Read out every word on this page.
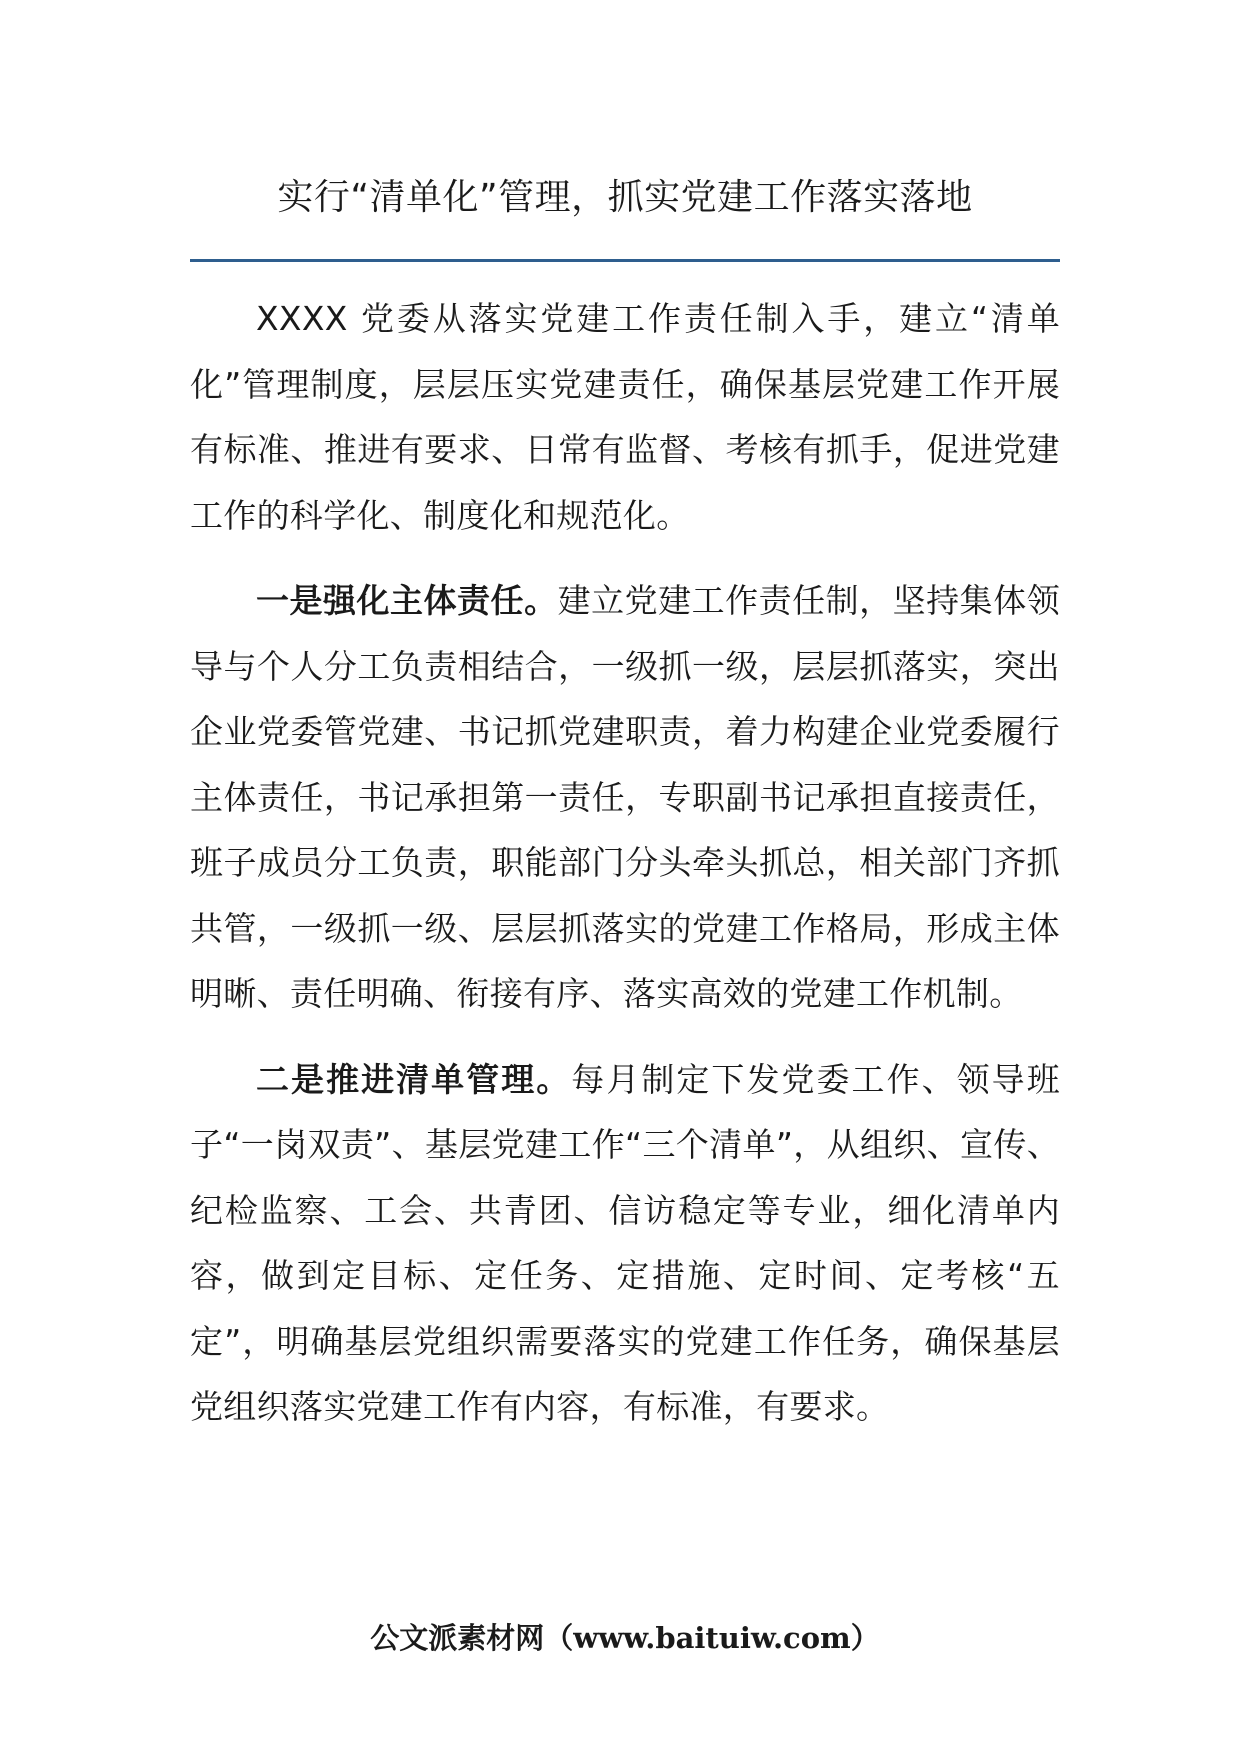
实行“清单化”管理，抓实党建工作落实落地

XXXX 党委从落实党建工作责任制入手，建立“清单化”管理制度，层层压实党建责任，确保基层党建工作开展有标准、推进有要求、日常有监督、考核有抓手，促进党建工作的科学化、制度化和规范化。

一是强化主体责任。建立党建工作责任制，坚持集体领导与个人分工负责相结合，一级抓一级，层层抓落实，突出企业党委管党建、书记抓党建职责，着力构建企业党委履行主体责任，书记承担第一责任，专职副书记承担直接责任，班子成员分工负责，职能部门分头牵头抓总，相关部门齐抓共管，一级抓一级、层层抓落实的党建工作格局，形成主体明晰、责任明确、衔接有序、落实高效的党建工作机制。

二是推进清单管理。每月制定下发党委工作、领导班子“一岗双责”、基层党建工作“三个清单”，从组织、宣传、纪检监察、工会、共青团、信访稳定等专业，细化清单内容，做到定目标、定任务、定措施、定时间、定考核“五定”，明确基层党组织需要落实的党建工作任务，确保基层党组织落实党建工作有内容，有标准，有要求。

公文派素材网（www.baituiw.com）
